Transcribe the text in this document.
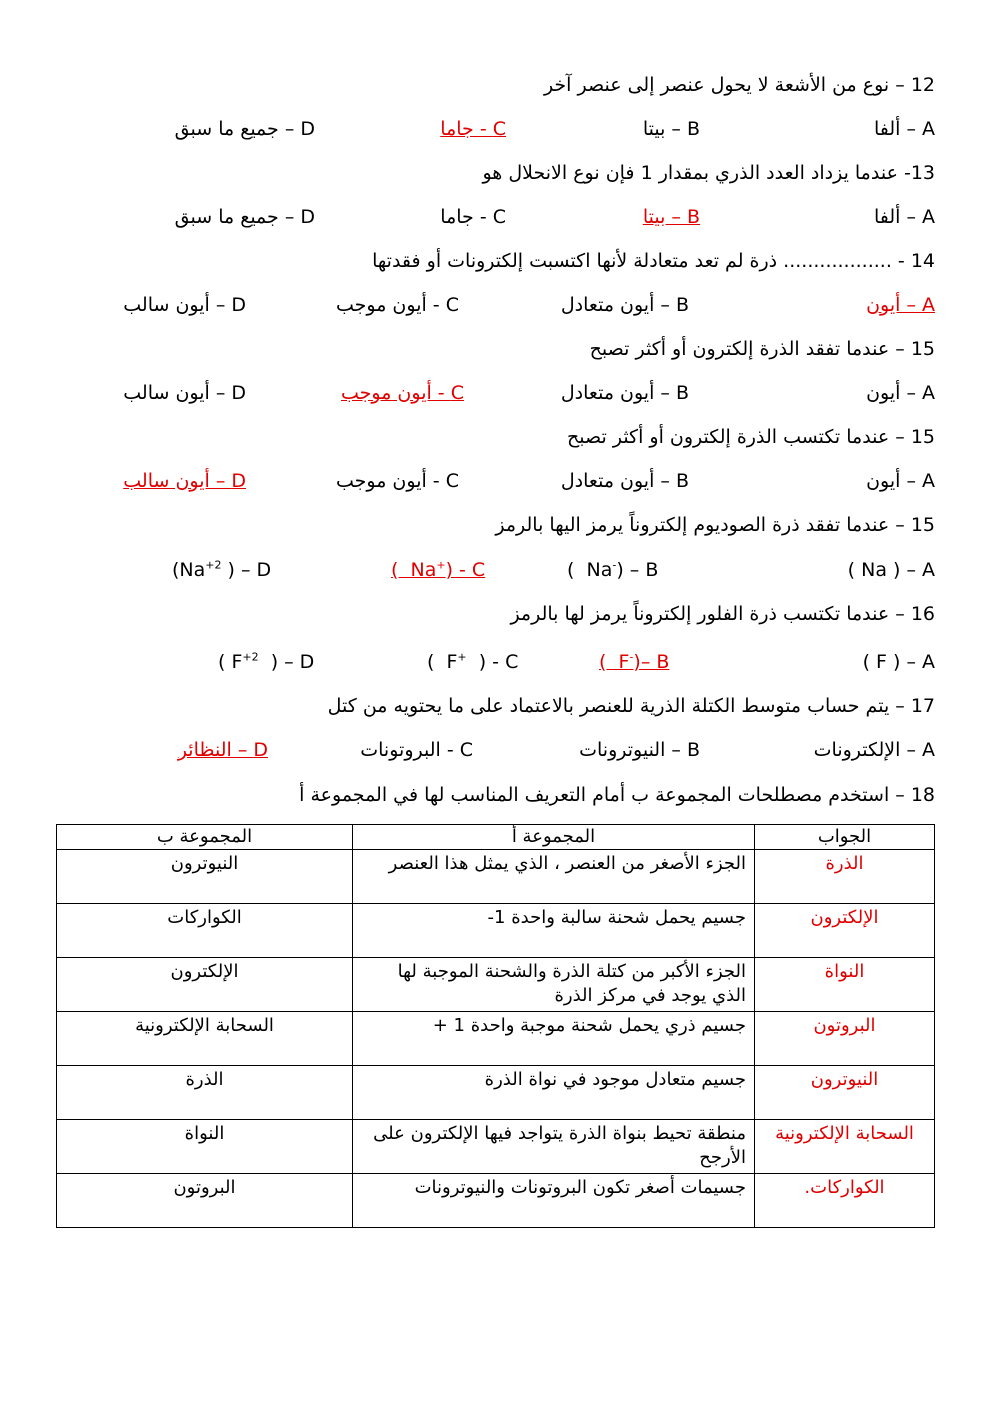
12 – نوع من الأشعة لا يحول عنصر إلى عنصر آخر
A – ألفا
B – بيتا
C - جاما
D – جميع ما سبق
13- عندما يزداد العدد الذري بمقدار 1 فإن نوع الانحلال هو
A – ألفا
B – بيتا
C - جاما
D – جميع ما سبق
14 - .................. ذرة لم تعد متعادلة لأنها اكتسبت إلكترونات أو فقدتها
A – أيون
B – أيون متعادل
C - أيون موجب
D – أيون سالب
15 – عندما تفقد الذرة إلكترون أو أكثر تصبح
A – أيون
B – أيون متعادل
C - أيون موجب
D – أيون سالب
15 – عندما تكتسب الذرة إلكترون أو أكثر تصبح
A – أيون
B – أيون متعادل
C - أيون موجب
D – أيون سالب
15 – عندما تفقد ذرة الصوديوم إلكتروناً يرمز اليها بالرمز
( Na ) – A
(  Na-) – B
(  Na+) - C
($Na^{+2}$ ) – D
16 – عندما تكتسب ذرة الفلور إلكتروناً يرمز لها بالرمز
( F ) – A
(  F-)– B
(  F+  ) - C
( $F^{+2}$  ) – D
17 – يتم حساب متوسط الكتلة الذرية للعنصر بالاعتماد على ما يحتويه من كتل
A – الإلكترونات
B – النيوترونات
C - البروتونات
D – النظائر
18 – استخدم مصطلحات المجموعة ب أمام التعريف المناسب لها في المجموعة أ
الجواب	المجموعة أ	المجموعة ب
الذرة	الجزء الأصغر من العنصر ، الذي يمثل هذا العنصر	النيوترون
الإلكترون	جسيم يحمل شحنة سالبة واحدة 1-	الكواركات
النواة	الجزء الأكبر من كتلة الذرة والشحنة الموجبة لها الذي يوجد في مركز الذرة	الإلكترون
البروتون	جسيم ذري يحمل شحنة موجبة واحدة 1 +	السحابة الإلكترونية
النيوترون	جسيم متعادل موجود في نواة الذرة	الذرة
السحابة الإلكترونية	منطقة تحيط بنواة الذرة يتواجد فيها الإلكترون على الأرجح	النواة
الكواركات.	جسيمات أصغر تكون البروتونات والنيوترونات	البروتون
